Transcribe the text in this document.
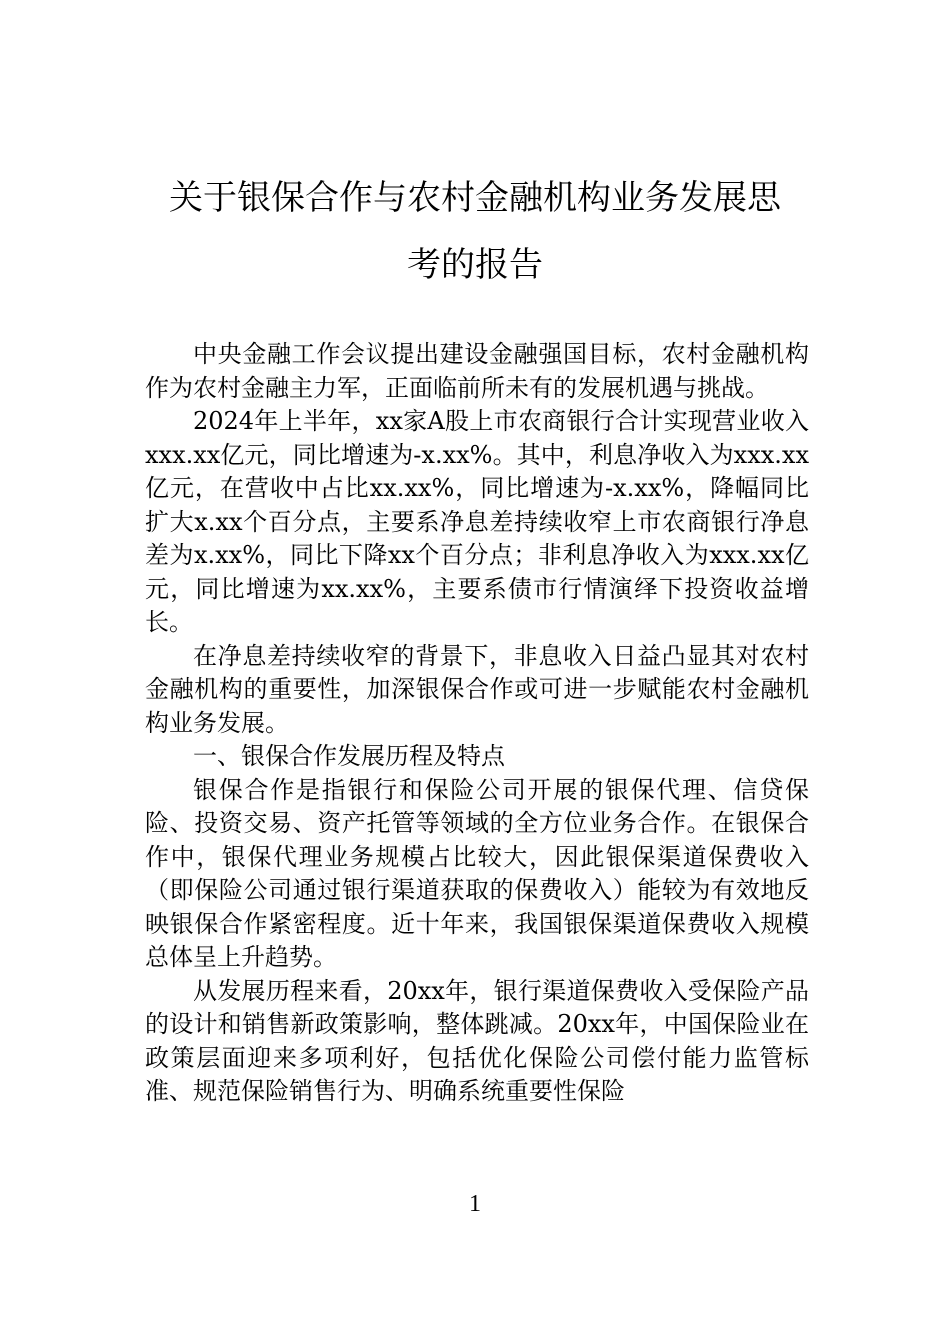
关于银保合作与农村金融机构业务发展思
考的报告

中央金融工作会议提出建设金融强国目标，农村金融机构作为农村金融主力军，正面临前所未有的发展机遇与挑战。

2024年上半年，xx家A股上市农商银行合计实现营业收入xxx.xx亿元，同比增速为-x.xx%。其中，利息净收入为xxx.xx亿元，在营收中占比xx.xx%，同比增速为-x.xx%，降幅同比扩大x.xx个百分点，主要系净息差持续收窄上市农商银行净息差为x.xx%，同比下降xx个百分点；非利息净收入为xxx.xx亿元，同比增速为xx.xx%，主要系债市行情演绎下投资收益增长。

在净息差持续收窄的背景下，非息收入日益凸显其对农村金融机构的重要性，加深银保合作或可进一步赋能农村金融机构业务发展。

一、银保合作发展历程及特点

银保合作是指银行和保险公司开展的银保代理、信贷保险、投资交易、资产托管等领域的全方位业务合作。在银保合作中，银保代理业务规模占比较大，因此银保渠道保费收入（即保险公司通过银行渠道获取的保费收入）能较为有效地反映银保合作紧密程度。近十年来，我国银保渠道保费收入规模总体呈上升趋势。

从发展历程来看，20xx年，银行渠道保费收入受保险产品的设计和销售新政策影响，整体跳减。20xx年，中国保险业在政策层面迎来多项利好，包括优化保险公司偿付能力监管标准、规范保险销售行为、明确系统重要性保险

1
